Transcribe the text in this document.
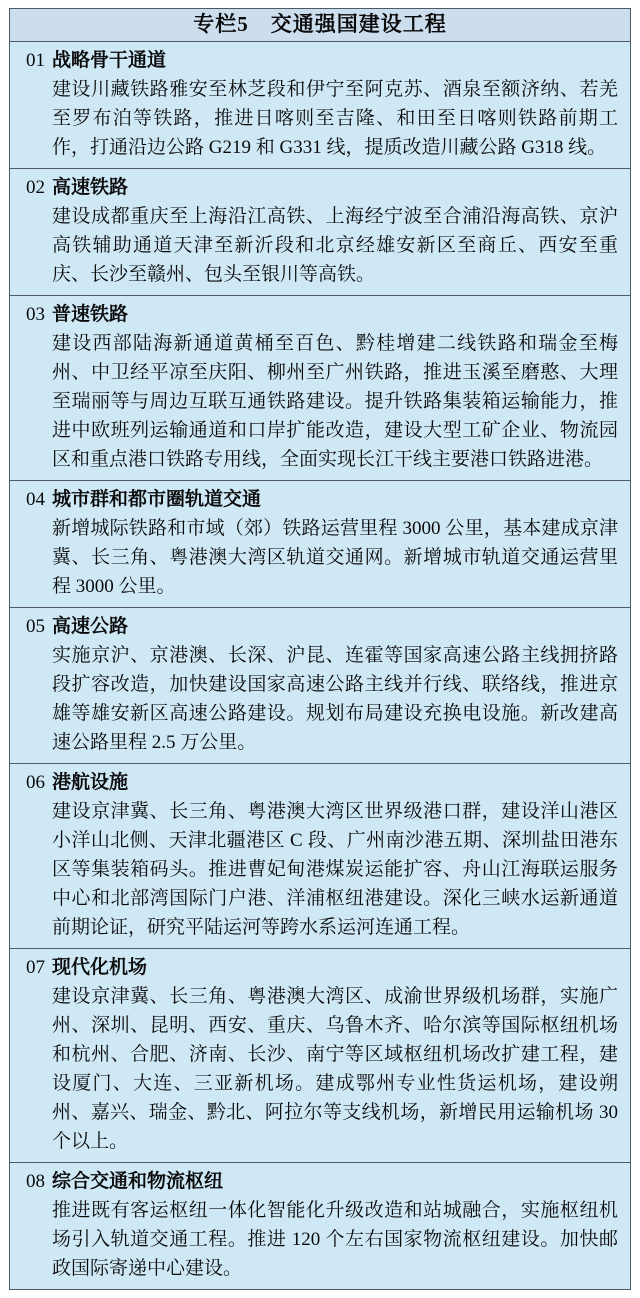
专栏5　交通强国建设工程
01 战略骨干通道
建设川藏铁路雅安至林芝段和伊宁至阿克苏、酒泉至额济纳、若羌至罗布泊等铁路，推进日喀则至吉隆、和田至日喀则铁路前期工作，打通沿边公路 G219 和 G331 线，提质改造川藏公路 G318 线。
02 高速铁路
建设成都重庆至上海沿江高铁、上海经宁波至合浦沿海高铁、京沪高铁辅助通道天津至新沂段和北京经雄安新区至商丘、西安至重庆、长沙至赣州、包头至银川等高铁。
03 普速铁路
建设西部陆海新通道黄桶至百色、黔桂增建二线铁路和瑞金至梅州、中卫经平凉至庆阳、柳州至广州铁路，推进玉溪至磨憨、大理至瑞丽等与周边互联互通铁路建设。提升铁路集装箱运输能力，推进中欧班列运输通道和口岸扩能改造，建设大型工矿企业、物流园区和重点港口铁路专用线，全面实现长江干线主要港口铁路进港。
04 城市群和都市圈轨道交通
新增城际铁路和市域（郊）铁路运营里程 3000 公里，基本建成京津冀、长三角、粤港澳大湾区轨道交通网。新增城市轨道交通运营里程 3000 公里。
05 高速公路
实施京沪、京港澳、长深、沪昆、连霍等国家高速公路主线拥挤路段扩容改造，加快建设国家高速公路主线并行线、联络线，推进京雄等雄安新区高速公路建设。规划布局建设充换电设施。新改建高速公路里程 2.5 万公里。
06 港航设施
建设京津冀、长三角、粤港澳大湾区世界级港口群，建设洋山港区小洋山北侧、天津北疆港区 C 段、广州南沙港五期、深圳盐田港东区等集装箱码头。推进曹妃甸港煤炭运能扩容、舟山江海联运服务中心和北部湾国际门户港、洋浦枢纽港建设。深化三峡水运新通道前期论证，研究平陆运河等跨水系运河连通工程。
07 现代化机场
建设京津冀、长三角、粤港澳大湾区、成渝世界级机场群，实施广州、深圳、昆明、西安、重庆、乌鲁木齐、哈尔滨等国际枢纽机场和杭州、合肥、济南、长沙、南宁等区域枢纽机场改扩建工程，建设厦门、大连、三亚新机场。建成鄂州专业性货运机场，建设朔州、嘉兴、瑞金、黔北、阿拉尔等支线机场，新增民用运输机场 30 个以上。
08 综合交通和物流枢纽
推进既有客运枢纽一体化智能化升级改造和站城融合，实施枢纽机场引入轨道交通工程。推进 120 个左右国家物流枢纽建设。加快邮政国际寄递中心建设。
